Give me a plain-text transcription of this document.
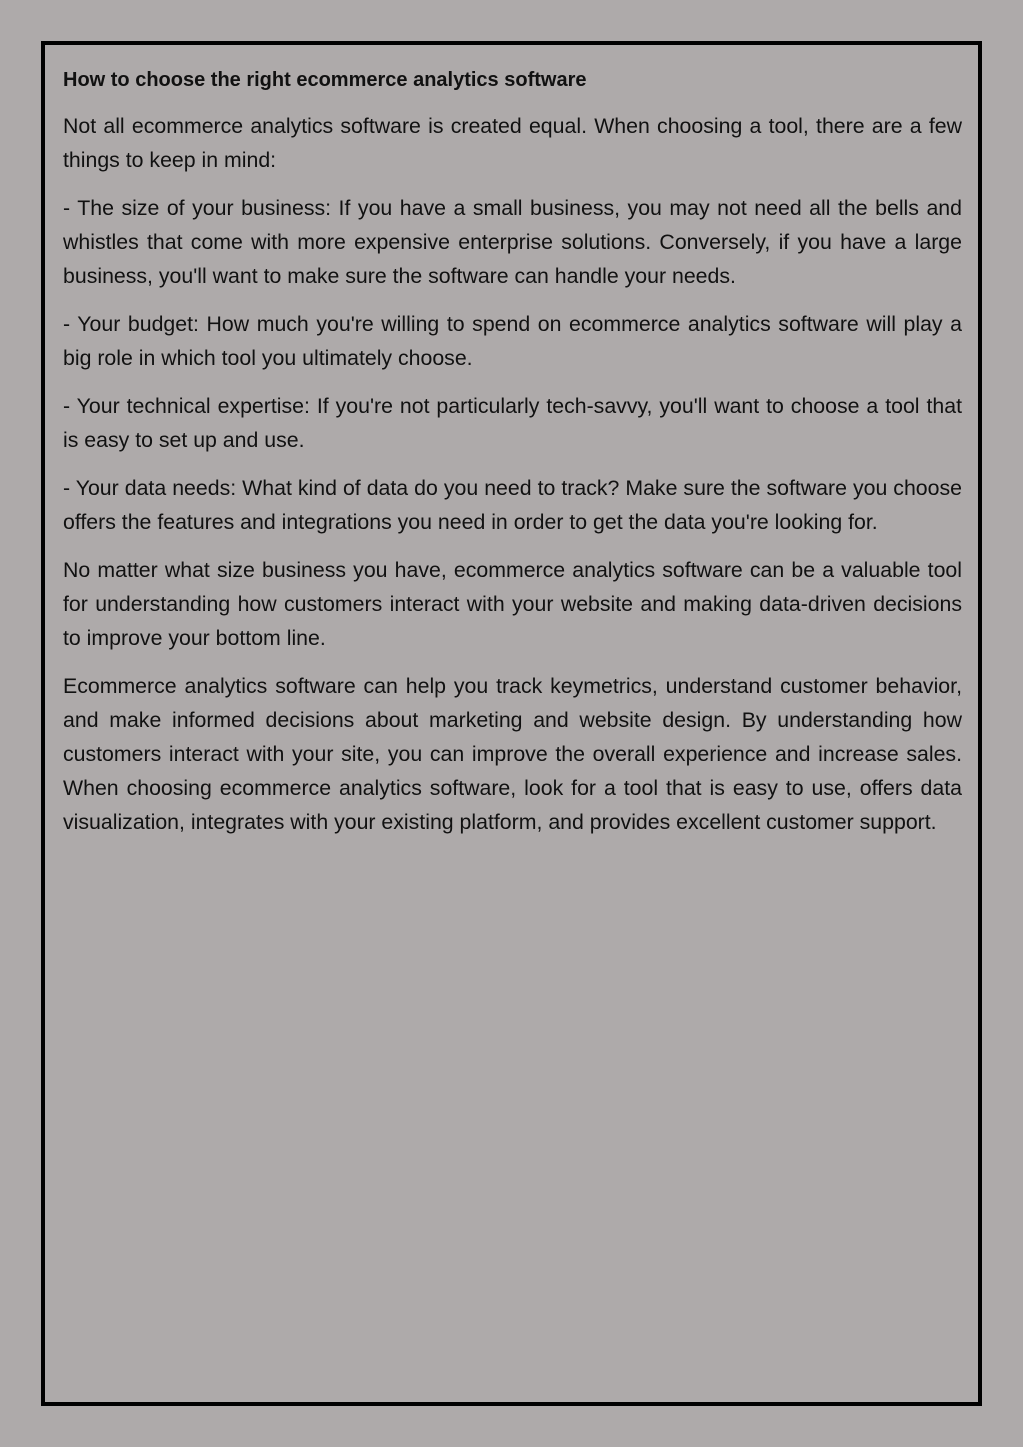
How to choose the right ecommerce analytics software

Not all ecommerce analytics software is created equal. When choosing a tool, there are a few things to keep in mind:

- The size of your business: If you have a small business, you may not need all the bells and whistles that come with more expensive enterprise solutions. Conversely, if you have a large business, you'll want to make sure the software can handle your needs.

- Your budget: How much you're willing to spend on ecommerce analytics software will play a big role in which tool you ultimately choose.

- Your technical expertise: If you're not particularly tech-savvy, you'll want to choose a tool that is easy to set up and use.

- Your data needs: What kind of data do you need to track? Make sure the software you choose offers the features and integrations you need in order to get the data you're looking for.

No matter what size business you have, ecommerce analytics software can be a valuable tool for understanding how customers interact with your website and making data-driven decisions to improve your bottom line.

Ecommerce analytics software can help you track keymetrics, understand customer behavior, and make informed decisions about marketing and website design. By understanding how customers interact with your site, you can improve the overall experience and increase sales. When choosing ecommerce analytics software, look for a tool that is easy to use, offers data visualization, integrates with your existing platform, and provides excellent customer support.
